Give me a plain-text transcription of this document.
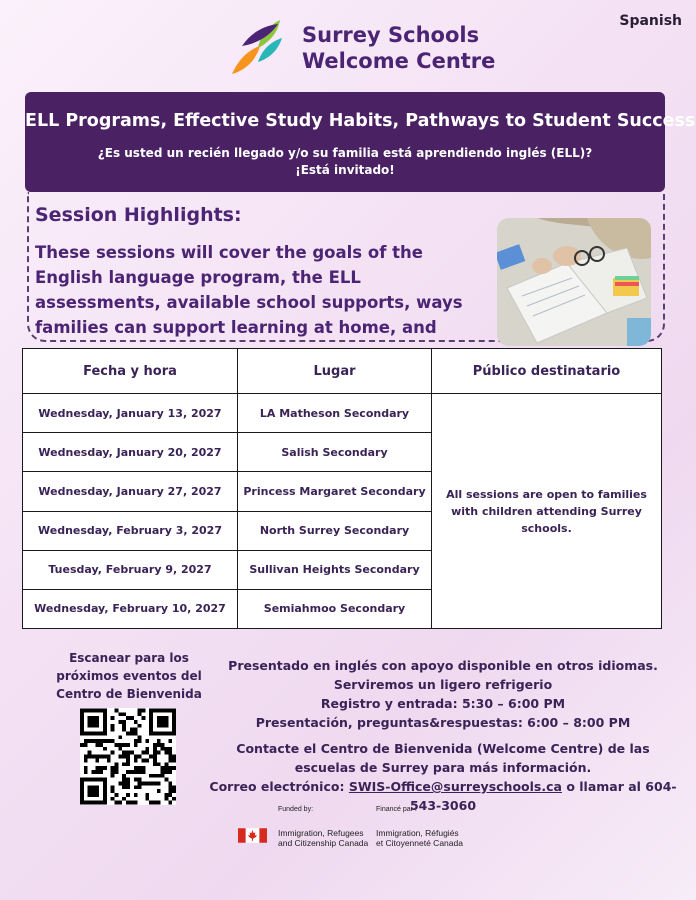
Spanish
Surrey Schools
Welcome Centre
ELL Programs, Effective Study Habits, Pathways to Student Success
¿Es usted un recién llegado y/o su familia está aprendiendo inglés (ELL)?
¡Está invitado!
Session Highlights:
These sessions will cover the goals of the English language program, the ELL assessments, available school supports, ways families can support learning at home, and
Fecha y hora	Lugar	Público destinatario
Wednesday, January 13, 2027	LA Matheson Secondary	All sessions are open to families with children attending Surrey schools.
Wednesday, January 20, 2027	Salish Secondary	
Wednesday, January 27, 2027	Princess Margaret Secondary	
Wednesday, February 3, 2027	North Surrey Secondary	
Tuesday, February 9, 2027	Sullivan Heights Secondary	
Wednesday, February 10, 2027	Semiahmoo Secondary	
Escanear para los próximos eventos del Centro de Bienvenida
Presentado en inglés con apoyo disponible en otros idiomas.
Serviremos un ligero refrigerio
Registro y entrada: 5:30 – 6:00 PM
Presentación, preguntas&respuestas: 6:00 – 8:00 PM
Contacte el Centro de Bienvenida (Welcome Centre) de las escuelas de Surrey para más información.
Correo electrónico: SWIS-Office@surreyschools.ca o llamar al 604-543-3060
Funded by:	Financé par :
Immigration, Refugees
and Citizenship Canada
Immigration, Réfugiés
et Citoyenneté Canada
